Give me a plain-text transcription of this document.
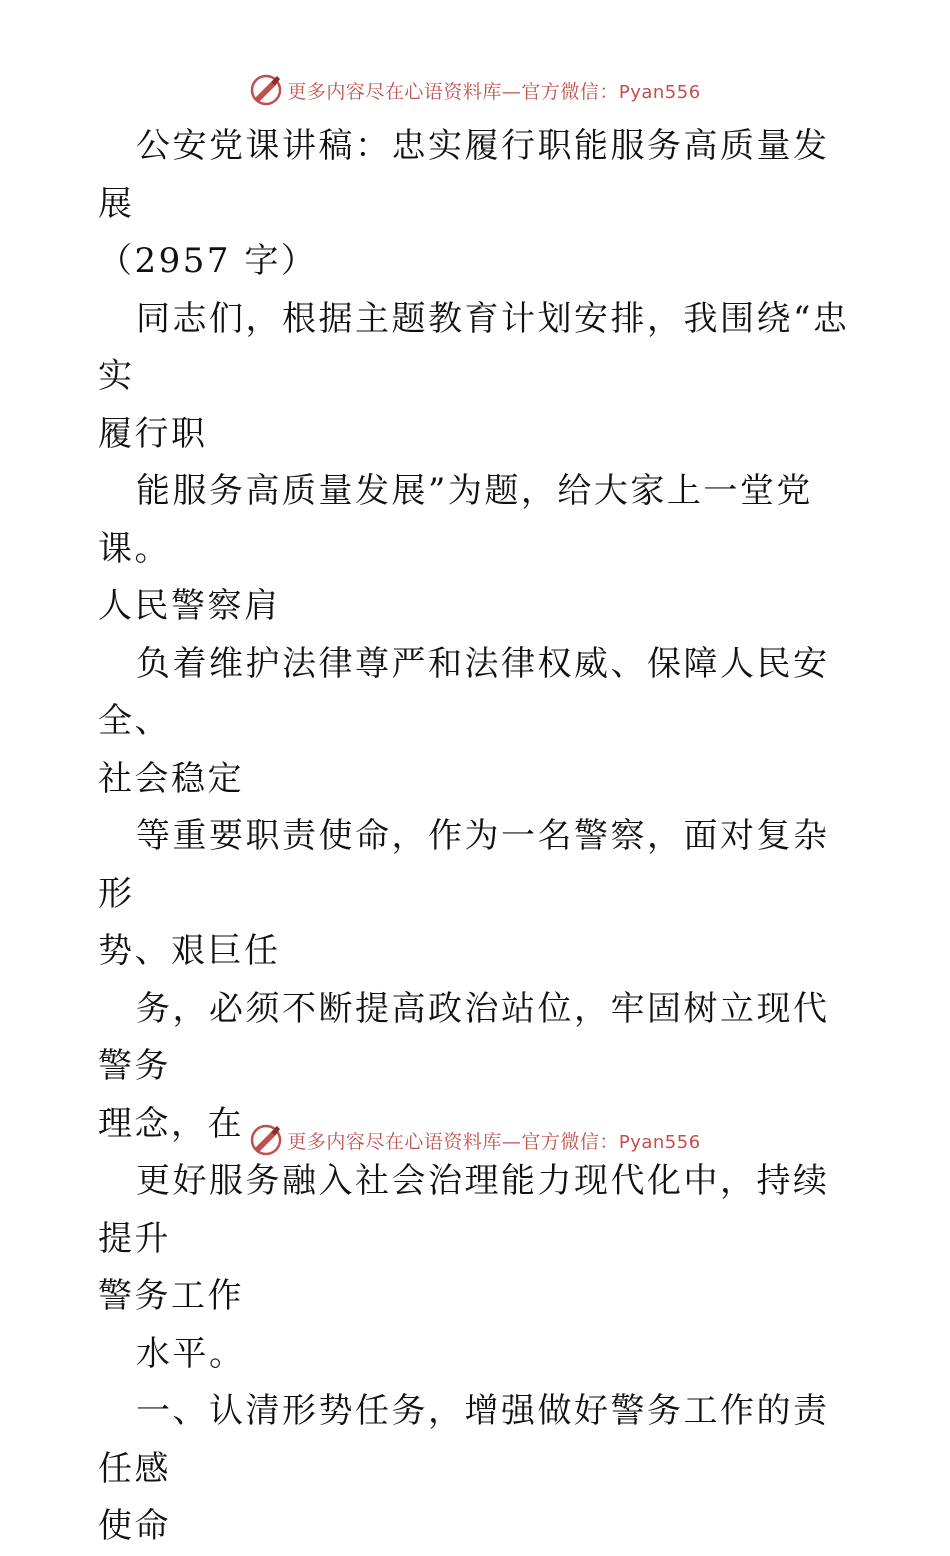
更多内容尽在心语资料库—官方微信：Pyan556

公安党课讲稿：忠实履行职能服务高质量发展

（2957 字）

同志们，根据主题教育计划安排，我围绕“忠实

履行职

能服务高质量发展”为题，给大家上一堂党课。

人民警察肩

负着维护法律尊严和法律权威、保障人民安全、

社会稳定

等重要职责使命，作为一名警察，面对复杂形

势、艰巨任

务，必须不断提高政治站位，牢固树立现代警务

理念，在

更好服务融入社会治理能力现代化中，持续提升

警务工作

水平。

一、认清形势任务，增强做好警务工作的责任感

使命

更多内容尽在心语资料库—官方微信：Pyan556
